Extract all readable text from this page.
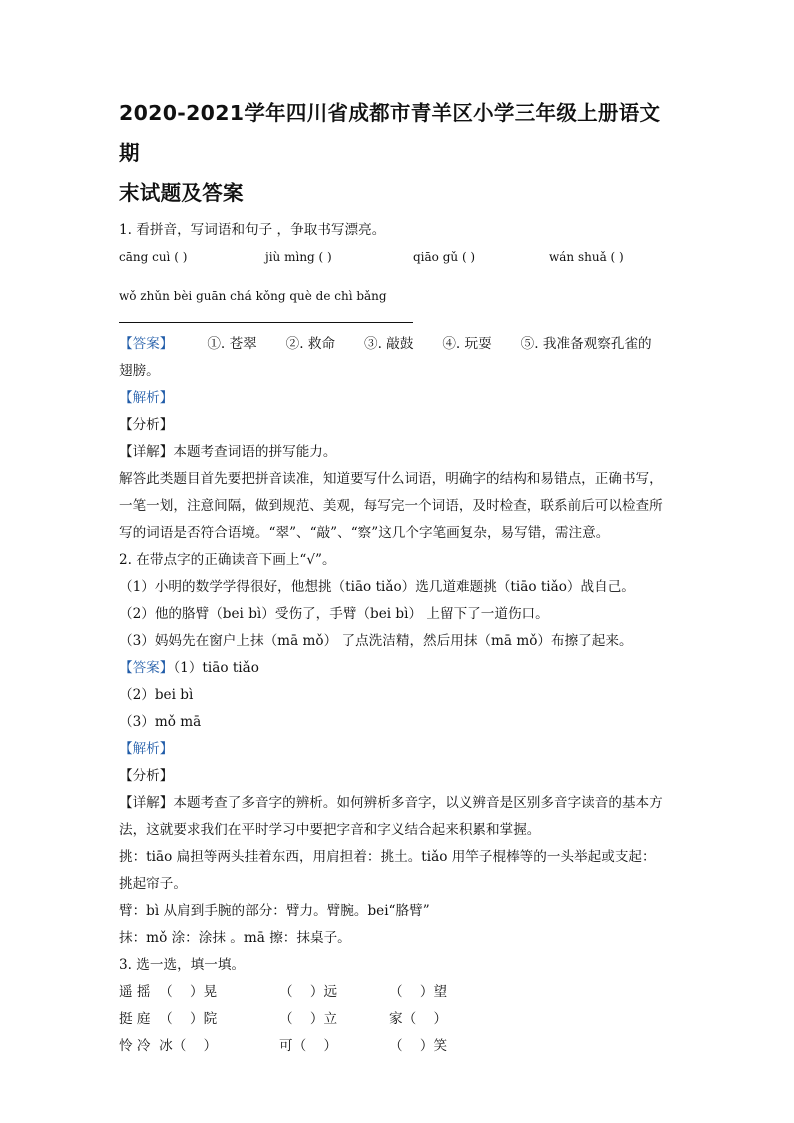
2020-2021学年四川省成都市青羊区小学三年级上册语文期

末试题及答案

1. 看拼音，写词语和句子 ，争取书写漂亮。

cāng cuì ( )	jiù mìng ( )	qiāo gǔ ( )	wán shuǎ ( )

wǒ zhǔn bèi guān chá kǒng què de chì bǎng

【答案】 ①. 苍翠 ②. 救命 ③. 敲鼓 ④. 玩耍 ⑤. 我准备观察孔雀的

翅膀。

【解析】

【分析】

【详解】本题考查词语的拼写能力。

解答此类题目首先要把拼音读准，知道要写什么词语，明确字的结构和易错点，正确书写，

一笔一划，注意间隔，做到规范、美观，每写完一个词语，及时检查，联系前后可以检查所

写的词语是否符合语境。“翠”、“敲”、“察”这几个字笔画复杂，易写错，需注意。

2. 在带点字的正确读音下画上“√”。

（1）小明的数学学得很好，他想挑（tiāo tiǎo）选几道难题挑（tiāo tiǎo）战自己。

（2）他的胳臂（bei bì）受伤了，手臂（bei bì） 上留下了一道伤口。

（3）妈妈先在窗户上抹（mā mǒ） 了点洗洁精，然后用抹（mā mǒ）布擦了起来。

【答案】（1）tiāo tiǎo

（2）bei bì

（3）mǒ mā

【解析】

【分析】

【详解】本题考查了多音字的辨析。如何辨析多音字，以义辨音是区别多音字读音的基本方

法，这就要求我们在平时学习中要把字音和字义结合起来积累和掌握。

挑：tiāo 扁担等两头挂着东西，用肩担着：挑土。tiǎo 用竿子棍棒等的一头举起或支起：

挑起帘子。

臂：bì 从肩到手腕的部分：臂力。臂腕。bei“胳臂”

抹：mǒ 涂：涂抹 。mā 擦：抹桌子。

3. 选一选，填一填。

遥 摇  （    ）晃	（    ）远	（    ）望
挺 庭  （    ）院	（    ）立	家（    ）
怜 冷  冰（    ）	可（    ）	（    ）笑
